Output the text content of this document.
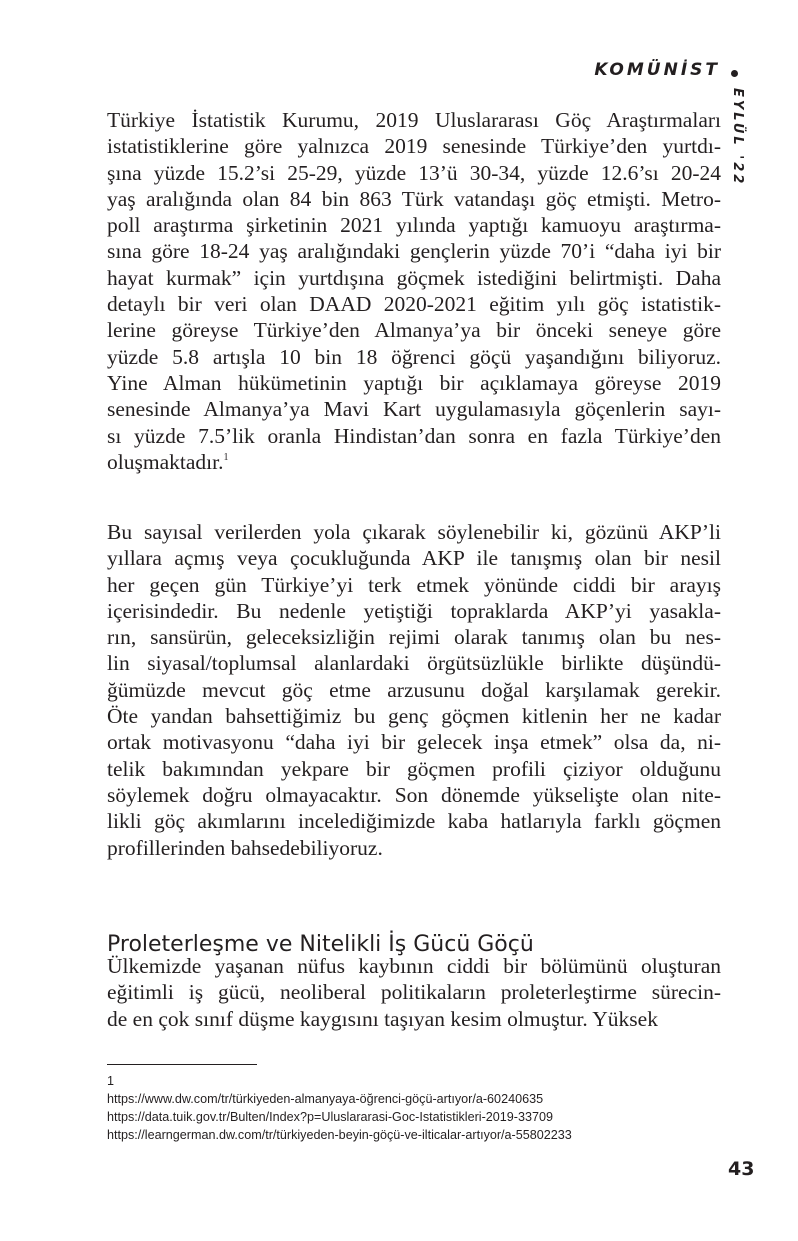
KOMÜNİST
EYLÜL '22
Türkiye İstatistik Kurumu, 2019 Uluslararası Göç Araştırmaları
istatistiklerine göre yalnızca 2019 senesinde Türkiye’den yurtdı-
şına yüzde 15.2’si 25-29, yüzde 13’ü 30-34, yüzde 12.6’sı 20-24
yaş aralığında olan 84 bin 863 Türk vatandaşı göç etmişti. Metro-
poll araştırma şirketinin 2021 yılında yaptığı kamuoyu araştırma-
sına göre 18-24 yaş aralığındaki gençlerin yüzde 70’i “daha iyi bir
hayat kurmak” için yurtdışına göçmek istediğini belirtmişti. Daha
detaylı bir veri olan DAAD 2020-2021 eğitim yılı göç istatistik-
lerine göreyse Türkiye’den Almanya’ya bir önceki seneye göre
yüzde 5.8 artışla 10 bin 18 öğrenci göçü yaşandığını biliyoruz.
Yine Alman hükümetinin yaptığı bir açıklamaya göreyse 2019
senesinde Almanya’ya Mavi Kart uygulamasıyla göçenlerin sayı-
sı yüzde 7.5’lik oranla Hindistan’dan sonra en fazla Türkiye’den
oluşmaktadır.$^1$
Bu sayısal verilerden yola çıkarak söylenebilir ki, gözünü AKP’li
yıllara açmış veya çocukluğunda AKP ile tanışmış olan bir nesil
her geçen gün Türkiye’yi terk etmek yönünde ciddi bir arayış
içerisindedir. Bu nedenle yetiştiği topraklarda AKP’yi yasakla-
rın, sansürün, geleceksizliğin rejimi olarak tanımış olan bu nes-
lin siyasal/toplumsal alanlardaki örgütsüzlükle birlikte düşündü-
ğümüzde mevcut göç etme arzusunu doğal karşılamak gerekir.
Öte yandan bahsettiğimiz bu genç göçmen kitlenin her ne kadar
ortak motivasyonu “daha iyi bir gelecek inşa etmek” olsa da, ni-
telik bakımından yekpare bir göçmen profili çiziyor olduğunu
söylemek doğru olmayacaktır. Son dönemde yükselişte olan nite-
likli göç akımlarını incelediğimizde kaba hatlarıyla farklı göçmen
profillerinden bahsedebiliyoruz.
Proleterleşme ve Nitelikli İş Gücü Göçü
Ülkemizde yaşanan nüfus kaybının ciddi bir bölümünü oluşturan
eğitimli iş gücü, neoliberal politikaların proleterleştirme sürecin-
de en çok sınıf düşme kaygısını taşıyan kesim olmuştur. Yüksek
1
https://www.dw.com/tr/türkiyeden-almanyaya-öğrenci-göçü-artıyor/a-60240635
https://data.tuik.gov.tr/Bulten/Index?p=Uluslararasi-Goc-Istatistikleri-2019-33709
https://learngerman.dw.com/tr/türkiyeden-beyin-göçü-ve-ilticalar-artıyor/a-55802233
43
